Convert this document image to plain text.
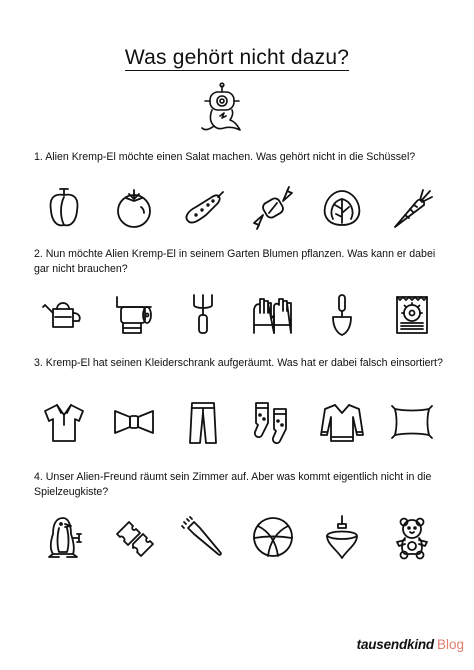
Was gehört nicht dazu?
1. Alien Kremp-El möchte einen Salat machen. Was gehört nicht in die Schüssel?
2. Nun möchte Alien Kremp-El in seinem Garten Blumen pflanzen. Was kann er dabei gar nicht brauchen?
3. Kremp-El hat seinen Kleiderschrank aufgeräumt. Was hat er dabei falsch einsortiert?
4. Unser Alien-Freund räumt sein Zimmer auf. Aber was kommt eigentlich nicht in die Spielzeugkiste?
tausendkind Blog
